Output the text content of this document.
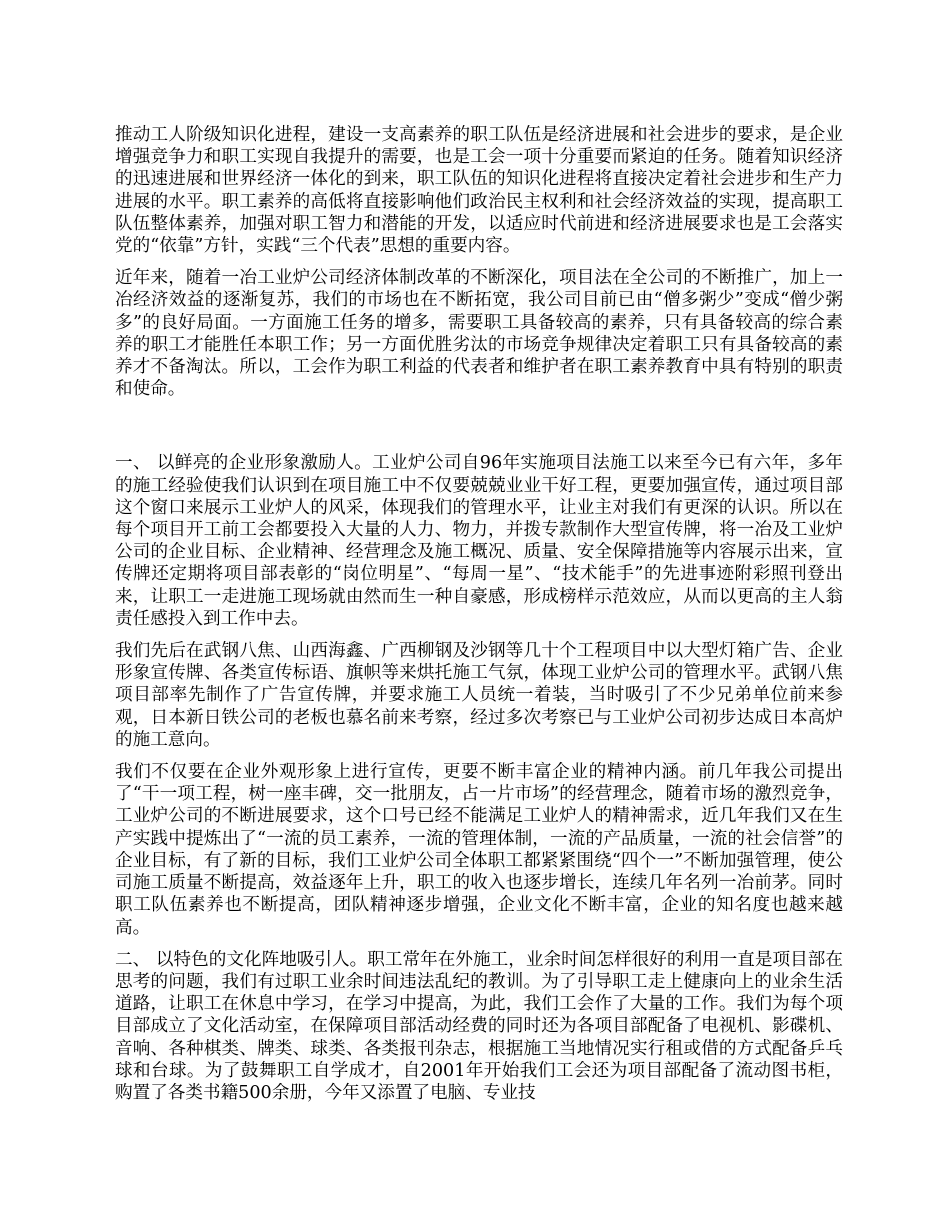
推动工人阶级知识化进程，建设一支高素养的职工队伍是经济进展和社会进步的要求，是企业增强竞争力和职工实现自我提升的需要，也是工会一项十分重要而紧迫的任务。随着知识经济的迅速进展和世界经济一体化的到来，职工队伍的知识化进程将直接决定着社会进步和生产力进展的水平。职工素养的高低将直接影响他们政治民主权利和社会经济效益的实现，提高职工队伍整体素养，加强对职工智力和潜能的开发，以适应时代前进和经济进展要求也是工会落实党的“依靠”方针，实践“三个代表”思想的重要内容。

近年来，随着一冶工业炉公司经济体制改革的不断深化，项目法在全公司的不断推广，加上一冶经济效益的逐渐复苏，我们的市场也在不断拓宽，我公司目前已由“僧多粥少”变成“僧少粥多”的良好局面。一方面施工任务的增多，需要职工具备较高的素养，只有具备较高的综合素养的职工才能胜任本职工作；另一方面优胜劣汰的市场竞争规律决定着职工只有具备较高的素养才不备淘汰。所以，工会作为职工利益的代表者和维护者在职工素养教育中具有特别的职责和使命。

一、 以鲜亮的企业形象激励人。工业炉公司自96年实施项目法施工以来至今已有六年，多年的施工经验使我们认识到在项目施工中不仅要兢兢业业干好工程，更要加强宣传，通过项目部这个窗口来展示工业炉人的风采，体现我们的管理水平，让业主对我们有更深的认识。所以在每个项目开工前工会都要投入大量的人力、物力，并拨专款制作大型宣传牌，将一冶及工业炉公司的企业目标、企业精神、经营理念及施工概况、质量、安全保障措施等内容展示出来，宣传牌还定期将项目部表彰的“岗位明星”、“每周一星”、“技术能手”的先进事迹附彩照刊登出来，让职工一走进施工现场就由然而生一种自豪感，形成榜样示范效应，从而以更高的主人翁责任感投入到工作中去。

我们先后在武钢八焦、山西海鑫、广西柳钢及沙钢等几十个工程项目中以大型灯箱广告、企业形象宣传牌、各类宣传标语、旗帜等来烘托施工气氛，体现工业炉公司的管理水平。武钢八焦项目部率先制作了广告宣传牌，并要求施工人员统一着装，当时吸引了不少兄弟单位前来参观，日本新日铁公司的老板也慕名前来考察，经过多次考察已与工业炉公司初步达成日本高炉的施工意向。

我们不仅要在企业外观形象上进行宣传，更要不断丰富企业的精神内涵。前几年我公司提出了“干一项工程，树一座丰碑，交一批朋友，占一片市场”的经营理念，随着市场的激烈竞争，工业炉公司的不断进展要求，这个口号已经不能满足工业炉人的精神需求，近几年我们又在生产实践中提炼出了“一流的员工素养，一流的管理体制，一流的产品质量，一流的社会信誉”的企业目标，有了新的目标，我们工业炉公司全体职工都紧紧围绕“四个一”不断加强管理，使公司施工质量不断提高，效益逐年上升，职工的收入也逐步增长，连续几年名列一冶前茅。同时职工队伍素养也不断提高，团队精神逐步增强，企业文化不断丰富，企业的知名度也越来越高。

二、 以特色的文化阵地吸引人。职工常年在外施工，业余时间怎样很好的利用一直是项目部在思考的问题，我们有过职工业余时间违法乱纪的教训。为了引导职工走上健康向上的业余生活道路，让职工在休息中学习，在学习中提高，为此，我们工会作了大量的工作。我们为每个项目部成立了文化活动室，在保障项目部活动经费的同时还为各项目部配备了电视机、影碟机、音响、各种棋类、牌类、球类、各类报刊杂志，根据施工当地情况实行租或借的方式配备乒乓球和台球。为了鼓舞职工自学成才，自2001年开始我们工会还为项目部配备了流动图书柜，购置了各类书籍500余册，今年又添置了电脑、专业技
